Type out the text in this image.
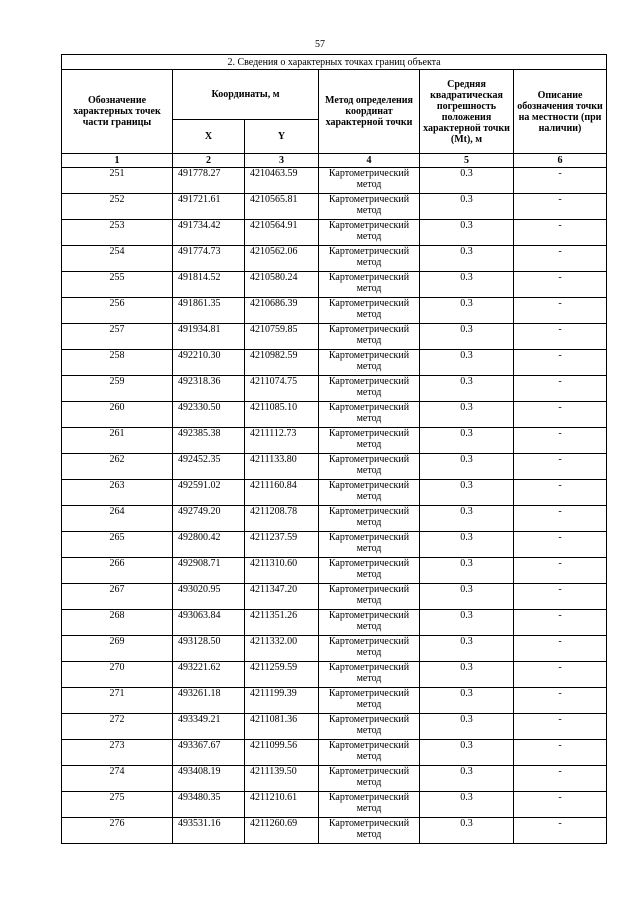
57
2. Сведения о характерных точках границ объекта					
Обозначение характерных точек части границы	Координаты, м		Метод определения координат характерной точки	Средняя квадратическая погрешность положения характерной точки (Mt), м	Описание обозначения точки на местности (при наличии)
	X	Y			
1	2	3	4	5	6
251	491778.27	4210463.59	Картометрический метод	0.3	-
252	491721.61	4210565.81	Картометрический метод	0.3	-
253	491734.42	4210564.91	Картометрический метод	0.3	-
254	491774.73	4210562.06	Картометрический метод	0.3	-
255	491814.52	4210580.24	Картометрический метод	0.3	-
256	491861.35	4210686.39	Картометрический метод	0.3	-
257	491934.81	4210759.85	Картометрический метод	0.3	-
258	492210.30	4210982.59	Картометрический метод	0.3	-
259	492318.36	4211074.75	Картометрический метод	0.3	-
260	492330.50	4211085.10	Картометрический метод	0.3	-
261	492385.38	4211112.73	Картометрический метод	0.3	-
262	492452.35	4211133.80	Картометрический метод	0.3	-
263	492591.02	4211160.84	Картометрический метод	0.3	-
264	492749.20	4211208.78	Картометрический метод	0.3	-
265	492800.42	4211237.59	Картометрический метод	0.3	-
266	492908.71	4211310.60	Картометрический метод	0.3	-
267	493020.95	4211347.20	Картометрический метод	0.3	-
268	493063.84	4211351.26	Картометрический метод	0.3	-
269	493128.50	4211332.00	Картометрический метод	0.3	-
270	493221.62	4211259.59	Картометрический метод	0.3	-
271	493261.18	4211199.39	Картометрический метод	0.3	-
272	493349.21	4211081.36	Картометрический метод	0.3	-
273	493367.67	4211099.56	Картометрический метод	0.3	-
274	493408.19	4211139.50	Картометрический метод	0.3	-
275	493480.35	4211210.61	Картометрический метод	0.3	-
276	493531.16	4211260.69	Картометрический метод	0.3	-
